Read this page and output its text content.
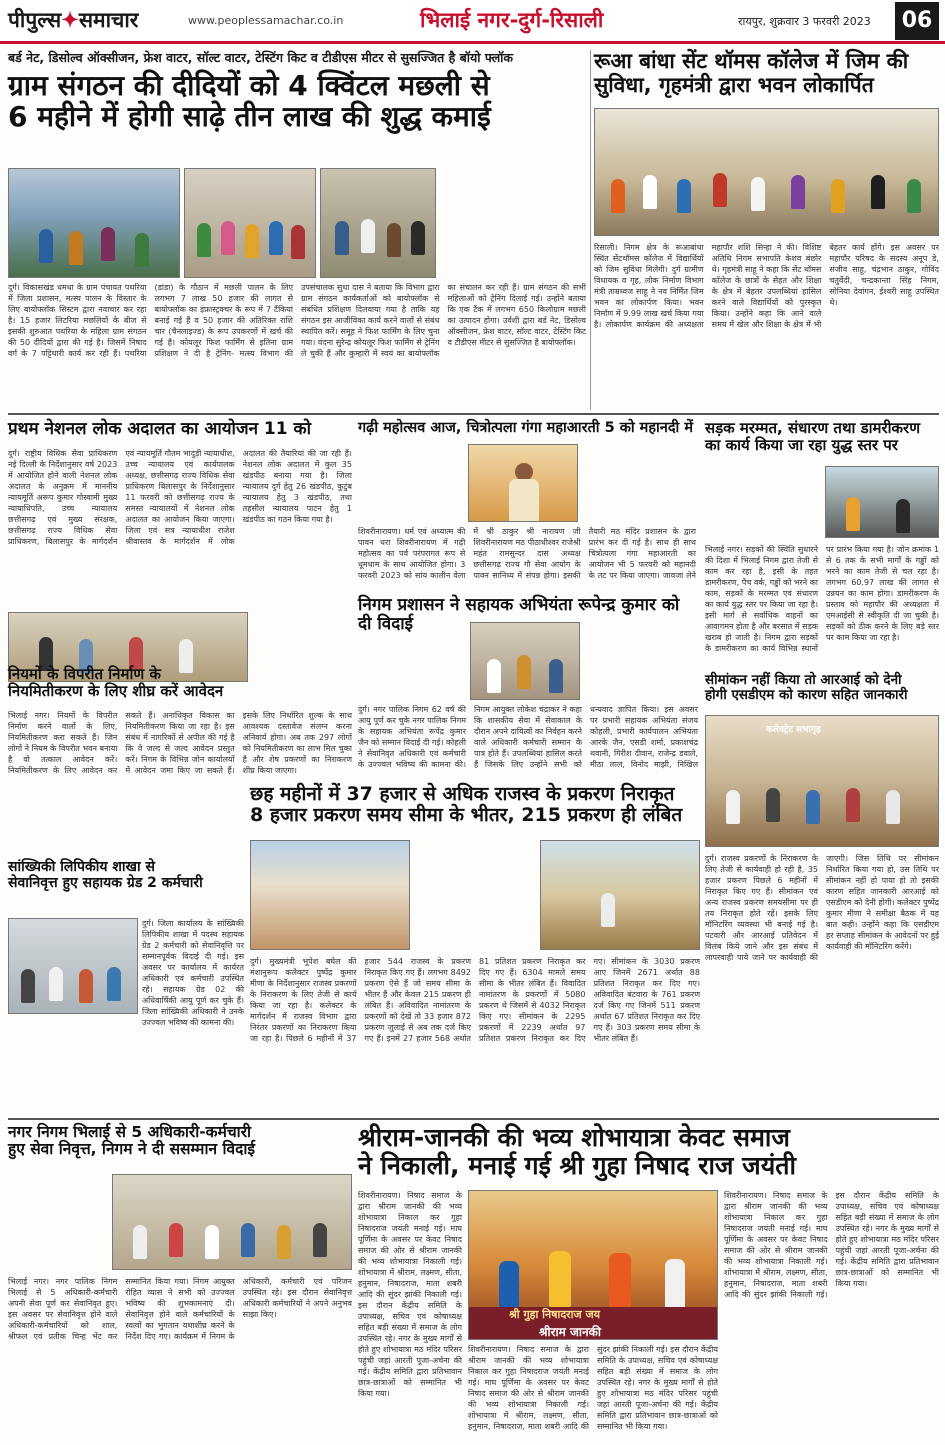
पीपुल्स✦समाचार	www.peoplessamachar.co.in	भिलाई नगर-दुर्ग-रिसाली	रायपुर, शुक्रवार 3 फरवरी 2023	06
बर्ड नेट, डिसोल्व ऑक्सीजन, फ्रेश वाटर, सॉल्ट वाटर, टेस्टिंग किट व टीडीएस मीटर से सुसज्जित है बॉयो फ्लॉक
ग्राम संगठन की दीदियों को 4 क्विंटल मछली से
6 महीने में होगी साढ़े तीन लाख की शुद्ध कमाई
दुर्ग। विकासखंड धमधा के ग्राम पंचायत पथरिया में जिला प्रशासन, मत्स्य पालन के विस्तार के लिए बायोफ्लॉक सिस्टम द्वारा नवाचार कर रहा है। 15 हजार लिटरिया मछलियों के बीज से इसकी शुरुआत पथरिया के महिला ग्राम संगठन की 50 दीदियों द्वारा की गई है। जिसमें निषाद वर्ग के 7 पट्टिधारी कार्य कर रही हैं। पथरिया (डांडा) के गौठान में मछली पालन के लिए लगभग 7 लाख 50 हजार की लागत से बायोफ्लॉक का इंफ्रास्ट्रक्चर के रूप में 7 टैंकियां बनाई गई हैं व 50 हजार की अतिरिक्त राशि चार (चैनलाइज्ड) के रूप उपकरणों में खर्च की गई है। कोयलूर फिश फार्मिंग से इतिना ग्राम प्रशिक्षण ने दी है ट्रेनिंग- मत्स्य विभाग की उपसंचालक सुधा दास ने बताया कि विभाग द्वारा ग्राम संगठन कार्यकर्ताओं को बायोफ्लॉक से संबंधित प्रशिक्षण दिलवाया गया है ताकि यह संगठन इस आजीविका कार्य करने वालों से संबंध स्थापित करें। समूह ने फिश फार्मिंग के लिए चुना गया। वंदना सुरेन्द्र कोयलूर फिश फार्मिंग से ट्रेनिंग ले चुकी हैं और कुम्हारी में स्वयं का बायोफ्लॉक का संचालन कर रही हैं। ग्राम संगठन की सभी महिलाओं को ट्रेनिंग दिलाई गई। उन्होंने बताया कि एक टैंक में लगभग 650 किलोग्राम मछली का उत्पादन होगा। उर्वशी द्वारा बर्ड नेट, डिसोल्व ऑक्सीजन, फ्रेश वाटर, सॉल्ट वाटर, टेस्टिंग किट व टीडीएस मीटर से सुसज्जित है बायोफ्लॉक।
रूआ बांधा सेंट थॉमस कॉलेज में जिम की
सुविधा, गृहमंत्री द्वारा भवन लोकार्पित
रिसाली। निगम क्षेत्र के रूआबांधा स्थित सेंटथॉमस कॉलेज में विद्यार्थियों को जिम सुविधा मिलेगी। दुर्ग ग्रामीण विधायक व गृह, लोक निर्माण विभाग मंत्री ताम्रध्वज साहू ने नव निर्मित जिम भवन का लोकार्पण किया। भवन निर्माण में 9.99 लाख खर्च किया गया है। लोकार्पण कार्यक्रम की अध्यक्षता महापौर शशि सिन्हा ने की। विशिष्ट अतिथि निगम सभापति केशव बंछोर थे। गृहमंत्री साहू ने कहा कि सेंट थॉमस कॉलेज के छात्रों के सेहत और शिक्षा के क्षेत्र में बेहतर उपलब्धियां हासिल करने वाले विद्यार्थियों को पुरस्कृत किया। उन्होंने कहा कि आने वाले समय में खेल और शिक्षा के क्षेत्र में भी बेहतर कार्य होंगे। इस अवसर पर महापौर परिषद के सदस्य अनूप डे, संजीव साहू, चंद्रभान ठाकुर, गोविंद चतुर्वेदी, चन्द्रकान्ता सिंह निगम, सोनिया देवांगन, ईश्वरी साहू उपस्थित थे।
प्रथम नेशनल लोक अदालत का आयोजन 11 को
दुर्ग। राष्ट्रीय विधिक सेवा प्राधिकरण नई दिल्ली के निर्देशानुसार वर्ष 2023 में आयोजित होने वाली नेशनल लोक अदालत के अनुक्रम में माननीय न्यायमूर्ति अरूप कुमार गोस्वामी मुख्य न्यायाधिपति, उच्च न्यायालय छत्तीसगढ़ एवं मुख्य संरक्षक, छत्तीसगढ़ राज्य विधिक सेवा प्राधिकरण, बिलासपुर के मार्गदर्शन एवं न्यायमूर्ति गौतम भादुड़ी न्यायाधीश, उच्च न्यायालय एवं कार्यपालक अध्यक्ष, छत्तीसगढ़ राज्य विधिक सेवा प्राधिकरण बिलासपुर के निर्देशानुसार 11 फरवरी को छत्तीसगढ़ राज्य के समस्त न्यायालयों में नेशनल लोक अदालत का आयोजन किया जाएगा। जिला एवं सत्र न्यायाधीश राजेश श्रीवास्तव के मार्गदर्शन में लोक अदालत की तैयारियां की जा रही हैं। नेशनल लोक अदालत में कुल 35 खंडपीठ बनाया गया है। जिला न्यायालय दुर्ग हेतु 26 खंडपीठ, कुटुंब न्यायालय हेतु 3 खंडपीठ, तथा तहसील न्यायालय पाटन हेतु 1 खंडपीठ का गठन किया गया है।
गढ़ी महोत्सव आज, चित्रोत्पला गंगा महाआरती 5 को महानदी में
शिवरीनारायण। धर्म एवं अध्यात्म की पावन धरा शिवरीनारायण में गढ़ी महोत्सव का पर्व परंपरागत रूप से धूमधाम के साथ आयोजित होगा। 3 फरवरी 2023 को सांय कालीन वेला में श्री ठाकुर श्री नारायण जी शिवरीनारायण मठ पीठाधीश्वर राजेश्री महंत रामसुन्दर दास अध्यक्ष छत्तीसगढ़ राज्य गौ सेवा आयोग के पावन सानिध्य में संपन्न होगा। इसकी तैयारी मठ मंदिर प्रशासन के द्वारा प्रारंभ कर दी गई है। साथ ही साथ चित्रोत्पला गंगा महाआरती का आयोजन भी 5 फरवरी को महानदी के तट पर किया जाएगा। जावजा लेने
सड़क मरम्मत, संधारण तथा डामरीकरण
का कार्य किया जा रहा युद्ध स्तर पर
भिलाई नगर। सड़कों की स्थिति सुधारने की दिशा में भिलाई निगम द्वारा तेजी से काम कर रहा है, इसी के तहत डामरीकरण, पैच वर्क, गड्ढों को भरने का काम, सड़कों के मरम्मत एवं संधारण का कार्य युद्ध स्तर पर किया जा रहा है। इसी मार्ग से सर्वाधिक वाहनों का आवागमन होता है और बरसात में सड़क खराब हो जाती है। निगम द्वारा सड़कों के डामरीकरण का कार्य विभिन्न स्थानों पर प्रारंभ किया गया है। जोन क्रमांक 1 से 6 तक के सभी मार्गों के गड्ढों को भरने का काम तेजी से चल रहा है। लगभग 60.97 लाख की लागत से उन्नयन का काम होगा। डामरीकरण के प्रस्ताव को महापौर की अध्यक्षता में एमआईसी से स्वीकृति दी जा चुकी है। सड़कों को ठीक करने के लिए बड़े स्तर पर काम किया जा रहा है।
निगम प्रशासन ने सहायक अभियंता रूपेन्द्र कुमार को दी विदाई
दुर्ग। नगर पालिक निगम 62 वर्ष की आयु पूर्ण कर चुके नगर पालिक निगम के सहायक अभियंता रूपेंद्र कुमार जैन को सम्मान विदाई दी गई। कोहली ने सेवानिवृत अधिकारी एवं कर्मचारी के उज्ज्वल भविष्य की कामना की। निगम आयुक्त लोकेश चंद्राकर ने कहा कि शासकीय सेवा में सेवाकाल के दौरान अपने दायित्वों का निर्वहन करने वाले अधिकारी कर्मचारी सम्मान के पात्र होते हैं। उपलब्धियां हासिल करते हैं जिसके लिए उन्होंने सभी को धन्यवाद ज्ञापित किया। इस अवसर पर प्रभारी सहायक अभियंता संजय कोहली, प्रभारी कार्यपालन अभियंता आरके जैन, एसडी शर्मा, प्रकाशचंद्र थवानी, गिरीश दीवान, राजेन्द्र डवाले, मीठा लाल, विनोद माझी, निखिल
नियमों के विपरीत निर्माण के
नियमितीकरण के लिए शीघ्र करें आवेदन
भिलाई नगर। नियमों के विपरीत निर्माण करने वालों के लिए, नियमितीकरण करा सकते हैं। जिन लोगों ने नियम के विपरीत भवन बनाया है वो तत्काल आवेदन करें। नियमितीकरण के लिए आवेदन कर सकते हैं। अनाधिकृत विकास का नियमितीकरण किया जा रहा है। इस संबंध में नागरिकों से अपील की गई है कि वे जल्द से जल्द आवेदन प्रस्तुत करें। निगम के विभिन्न जोन कार्यालयों में आवेदन जमा किए जा सकते हैं। इसके लिए निर्धारित शुल्क के साथ आवश्यक दस्तावेज संलग्न करना अनिवार्य होगा। अब तक 297 लोगों को नियमितीकरण का लाभ मिल चुका है और शेष प्रकरणों का निराकरण शीघ्र किया जाएगा।
सीमांकन नहीं किया तो आरआई को देनी
होगी एसडीएम को कारण सहित जानकारी
कलेक्ट्रेट सभागृह
दुर्ग। राजस्व प्रकरणों के निराकरण के लिए तेजी से कार्यवाही हो रही है, 35 हजार प्रकरण पिछले 6 महीनों में निराकृत किए गए हैं। सीमांकन एवं अन्य राजस्व प्रकरण समयसीमा पर ही तय निराकृत होते रहें। इसके लिए मॉनिटरिंग व्यवस्था भी बनाई गई है। पटवारी और आरआई प्रतिवेदन में विलंब किये जाने और इस संबंध में लापरवाही पाये जाने पर कार्यवाही की जाएगी। जिस तिथि पर सीमांकन निर्धारित किया गया हो, उस तिथि पर सीमांकन नहीं हो पाया हो तो इसकी कारण सहित जानकारी आरआई को एसडीएम को देनी होगी। कलेक्टर पुष्पेंद्र कुमार मीणा ने समीक्षा बैठक में यह बात कही। उन्होंने कहा कि एसडीएम हर सप्ताह सीमांकन के आवेदनों पर हुई कार्यवाही की मॉनिटरिंग करेंगे।
छह महीनों में 37 हजार से अधिक राजस्व के प्रकरण निराकृत
8 हजार प्रकरण समय सीमा के भीतर, 215 प्रकरण ही लंबित
दुर्ग। मुख्यमंत्री भूपेश बघेल की मंशानुरूप कलेक्टर पुष्पेंद्र कुमार मीणा के निर्देशानुसार राजस्व प्रकरणों के निराकरण के लिए तेजी से कार्य किया जा रहा है। कलेक्टर के मार्गदर्शन में राजस्व विभाग द्वारा निरंतर प्रकरणों का निराकरण किया जा रहा है। पिछले 6 महीनों में 37 हजार 544 राजस्व के प्रकरण निराकृत किए गए हैं। लगभग 8492 प्रकरण ऐसे हैं जो समय सीमा के भीतर हैं और केवल 215 प्रकरण ही लंबित हैं। अविवादित नामांतरण के प्रकरणों को देखें तो 33 हजार 872 प्रकरण जुलाई से अब तक दर्ज किए गए हैं। इनमें 27 हजार 568 अर्थात 81 प्रतिशत प्रकरण निराकृत कर दिए गए हैं। 6304 मामले समय सीमा के भीतर लंबित हैं। विवादित नामांतरण के प्रकरणों में 5080 प्रकरण थे जिसमें से 4032 निराकृत किए गए। सीमांकन के 2295 प्रकरणों में 2239 अर्थात 97 प्रतिशत प्रकरण निराकृत कर दिए गए। सीमांकन के 3030 प्रकरण आए जिनमें 2671 अर्थात 88 प्रतिशत निराकृत कर दिए गए। अविवादित बंटवारा के 761 प्रकरण दर्ज किए गए जिनमें 511 प्रकरण अर्थात 67 प्रतिशत निराकृत कर दिए गए हैं। 303 प्रकरण समय सीमा के भीतर लंबित हैं।
सांख्यिकी लिपिकीय शाखा से
सेवानिवृत्त हुए सहायक ग्रेड 2 कर्मचारी
दुर्ग। जिला कार्यालय के सांख्यिकी लिपिकीय शाखा में पदस्थ सहायक ग्रेड 2 कर्मचारी को सेवानिवृत्ति पर सम्मानपूर्वक विदाई दी गई। इस अवसर पर कार्यालय में कार्यरत अधिकारी एवं कर्मचारी उपस्थित रहे। सहायक ग्रेड 02 की अधिवार्षिकी आयु पूर्ण कर चुके हैं। जिला सांख्यिकी अधिकारी ने उनके उज्ज्वल भविष्य की कामना की।
नगर निगम भिलाई से 5 अधिकारी-कर्मचारी
हुए सेवा निवृत्त, निगम ने दी ससम्मान विदाई
भिलाई नगर। नगर पालिक निगम भिलाई से 5 अधिकारी-कर्मचारी अपनी सेवा पूर्ण कर सेवानिवृत हुए। इस अवसर पर सेवानिवृत्त होने वाले अधिकारी-कर्मचारियों को शाल, श्रीफल एवं प्रतीक चिन्ह भेंट कर सम्मानित किया गया। निगम आयुक्त रोहित व्यास ने सभी को उज्ज्वल भविष्य की शुभकामनाएं दी। सेवानिवृत्त होने वाले कर्मचारियों के स्वत्वों का भुगतान यथाशीघ्र करने के निर्देश दिए गए। कार्यक्रम में निगम के अधिकारी, कर्मचारी एवं परिजन उपस्थित रहे। इस दौरान सेवानिवृत्त अधिकारी कर्मचारियों ने अपने अनुभव साझा किए।
श्रीराम-जानकी की भव्य शोभायात्रा केवट समाज
ने निकाली, मनाई गई श्री गुहा निषाद राज जयंती
श्री गुहा निषादराज जय
श्रीराम जानकी
शिवरीनारायण। निषाद समाज के द्वारा श्रीराम जानकी की भव्य शोभायात्रा निकाल कर गुहा निषादराज जयंती मनाई गई। माघ पूर्णिमा के अवसर पर केवट निषाद समाज की ओर से श्रीराम जानकी की भव्य शोभायात्रा निकाली गई। शोभायात्रा में श्रीराम, लक्ष्मण, सीता, हनुमान, निषादराज, माता शबरी आदि की सुंदर झांकी निकाली गई। इस दौरान केंद्रीय समिति के उपाध्यक्ष, सचिव एवं कोषाध्यक्ष सहित बड़ी संख्या में समाज के लोग उपस्थित रहे। नगर के मुख्य मार्गों से होते हुए शोभायात्रा मठ मंदिर परिसर पहुंची जहां आरती पूजा-अर्चना की गई। केंद्रीय समिति द्वारा प्रतिभावान छात्र-छात्राओं को सम्मानित भी किया गया।
शिवरीनारायण। निषाद समाज के द्वारा श्रीराम जानकी की भव्य शोभायात्रा निकाल कर गुहा निषादराज जयंती मनाई गई। माघ पूर्णिमा के अवसर पर केवट निषाद समाज की ओर से श्रीराम जानकी की भव्य शोभायात्रा निकाली गई। शोभायात्रा में श्रीराम, लक्ष्मण, सीता, हनुमान, निषादराज, माता शबरी आदि की सुंदर झांकी निकाली गई। इस दौरान केंद्रीय समिति के उपाध्यक्ष, सचिव एवं कोषाध्यक्ष सहित बड़ी संख्या में समाज के लोग उपस्थित रहे। नगर के मुख्य मार्गों से होते हुए शोभायात्रा मठ मंदिर परिसर पहुंची जहां आरती पूजा-अर्चना की गई। केंद्रीय समिति द्वारा प्रतिभावान छात्र-छात्राओं को सम्मानित भी किया गया।
शिवरीनारायण। निषाद समाज के द्वारा श्रीराम जानकी की भव्य शोभायात्रा निकाल कर गुहा निषादराज जयंती मनाई गई। माघ पूर्णिमा के अवसर पर केवट निषाद समाज की ओर से श्रीराम जानकी की भव्य शोभायात्रा निकाली गई। शोभायात्रा में श्रीराम, लक्ष्मण, सीता, हनुमान, निषादराज, माता शबरी आदि की सुंदर झांकी निकाली गई। इस दौरान केंद्रीय समिति के उपाध्यक्ष, सचिव एवं कोषाध्यक्ष सहित बड़ी संख्या में समाज के लोग उपस्थित रहे। नगर के मुख्य मार्गों से होते हुए शोभायात्रा मठ मंदिर परिसर पहुंची जहां आरती पूजा-अर्चना की गई। केंद्रीय समिति द्वारा प्रतिभावान छात्र-छात्राओं को सम्मानित भी किया गया।
